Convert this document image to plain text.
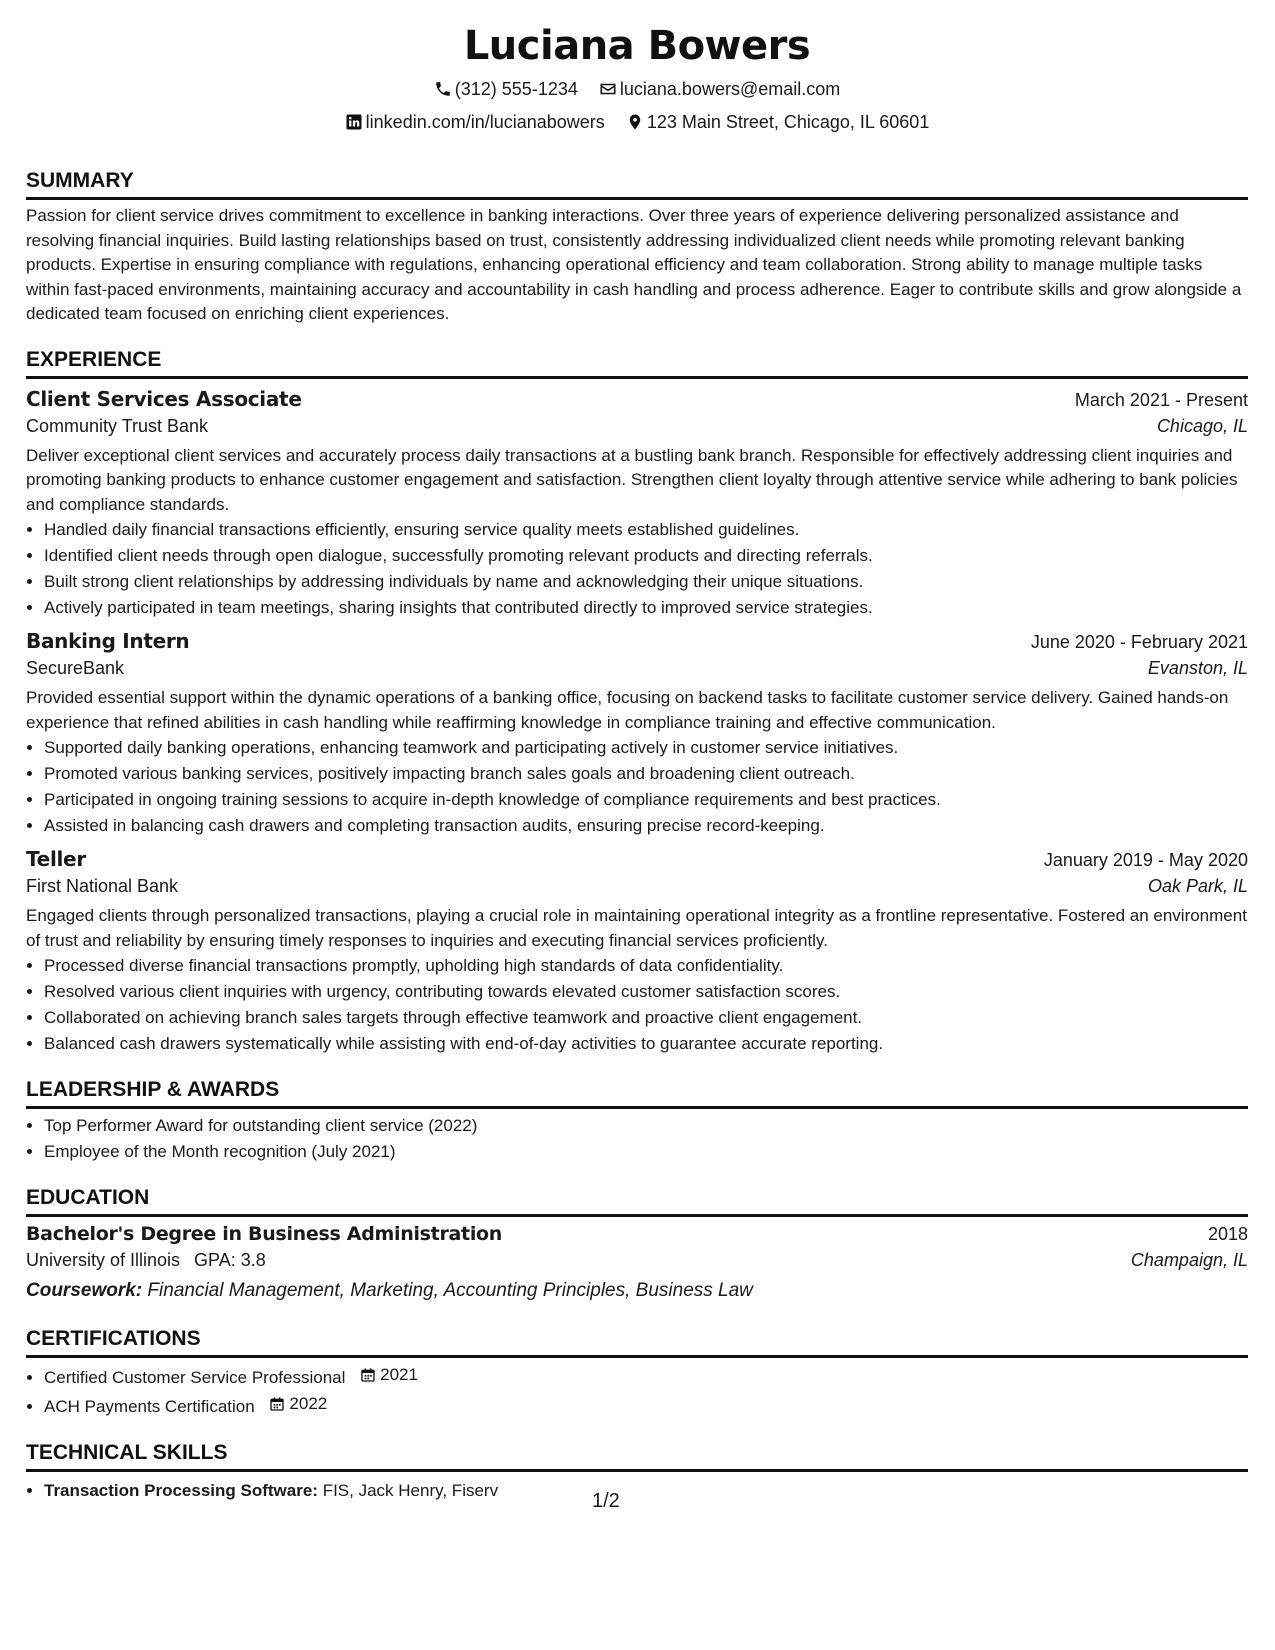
Luciana Bowers
(312) 555-1234
luciana.bowers@email.com
linkedin.com/in/lucianabowers
123 Main Street, Chicago, IL 60601
SUMMARY

Passion for client service drives commitment to excellence in banking interactions. Over three years of experience delivering personalized assistance and resolving financial inquiries. Build lasting relationships based on trust, consistently addressing individualized client needs while promoting relevant banking products. Expertise in ensuring compliance with regulations, enhancing operational efficiency and team collaboration. Strong ability to manage multiple tasks within fast-paced environments, maintaining accuracy and accountability in cash handling and process adherence. Eager to contribute skills and grow alongside a dedicated team focused on enriching client experiences.

EXPERIENCE
Client Services Associate	March 2021 - Present
Community Trust Bank	Chicago, IL

Deliver exceptional client services and accurately process daily transactions at a bustling bank branch. Responsible for effectively addressing client inquiries and promoting banking products to enhance customer engagement and satisfaction. Strengthen client loyalty through attentive service while adhering to bank policies and compliance standards.

• Handled daily financial transactions efficiently, ensuring service quality meets established guidelines.
• Identified client needs through open dialogue, successfully promoting relevant products and directing referrals.
• Built strong client relationships by addressing individuals by name and acknowledging their unique situations.
• Actively participated in team meetings, sharing insights that contributed directly to improved service strategies.
Banking Intern	June 2020 - February 2021
SecureBank	Evanston, IL

Provided essential support within the dynamic operations of a banking office, focusing on backend tasks to facilitate customer service delivery. Gained hands-on experience that refined abilities in cash handling while reaffirming knowledge in compliance training and effective communication.

• Supported daily banking operations, enhancing teamwork and participating actively in customer service initiatives.
• Promoted various banking services, positively impacting branch sales goals and broadening client outreach.
• Participated in ongoing training sessions to acquire in-depth knowledge of compliance requirements and best practices.
• Assisted in balancing cash drawers and completing transaction audits, ensuring precise record-keeping.
Teller	January 2019 - May 2020
First National Bank	Oak Park, IL

Engaged clients through personalized transactions, playing a crucial role in maintaining operational integrity as a frontline representative. Fostered an environment of trust and reliability by ensuring timely responses to inquiries and executing financial services proficiently.

• Processed diverse financial transactions promptly, upholding high standards of data confidentiality.
• Resolved various client inquiries with urgency, contributing towards elevated customer satisfaction scores.
• Collaborated on achieving branch sales targets through effective teamwork and proactive client engagement.
• Balanced cash drawers systematically while assisting with end-of-day activities to guarantee accurate reporting.
LEADERSHIP & AWARDS
• Top Performer Award for outstanding client service (2022)
• Employee of the Month recognition (July 2021)
EDUCATION
Bachelor's Degree in Business Administration	2018
University of Illinois GPA: 3.8	Champaign, IL
Coursework: Financial Management, Marketing, Accounting Principles, Business Law
CERTIFICATIONS
• Certified Customer Service Professional 2021
• ACH Payments Certification 2022
TECHNICAL SKILLS
• Transaction Processing Software: FIS, Jack Henry, Fiserv	1/2
